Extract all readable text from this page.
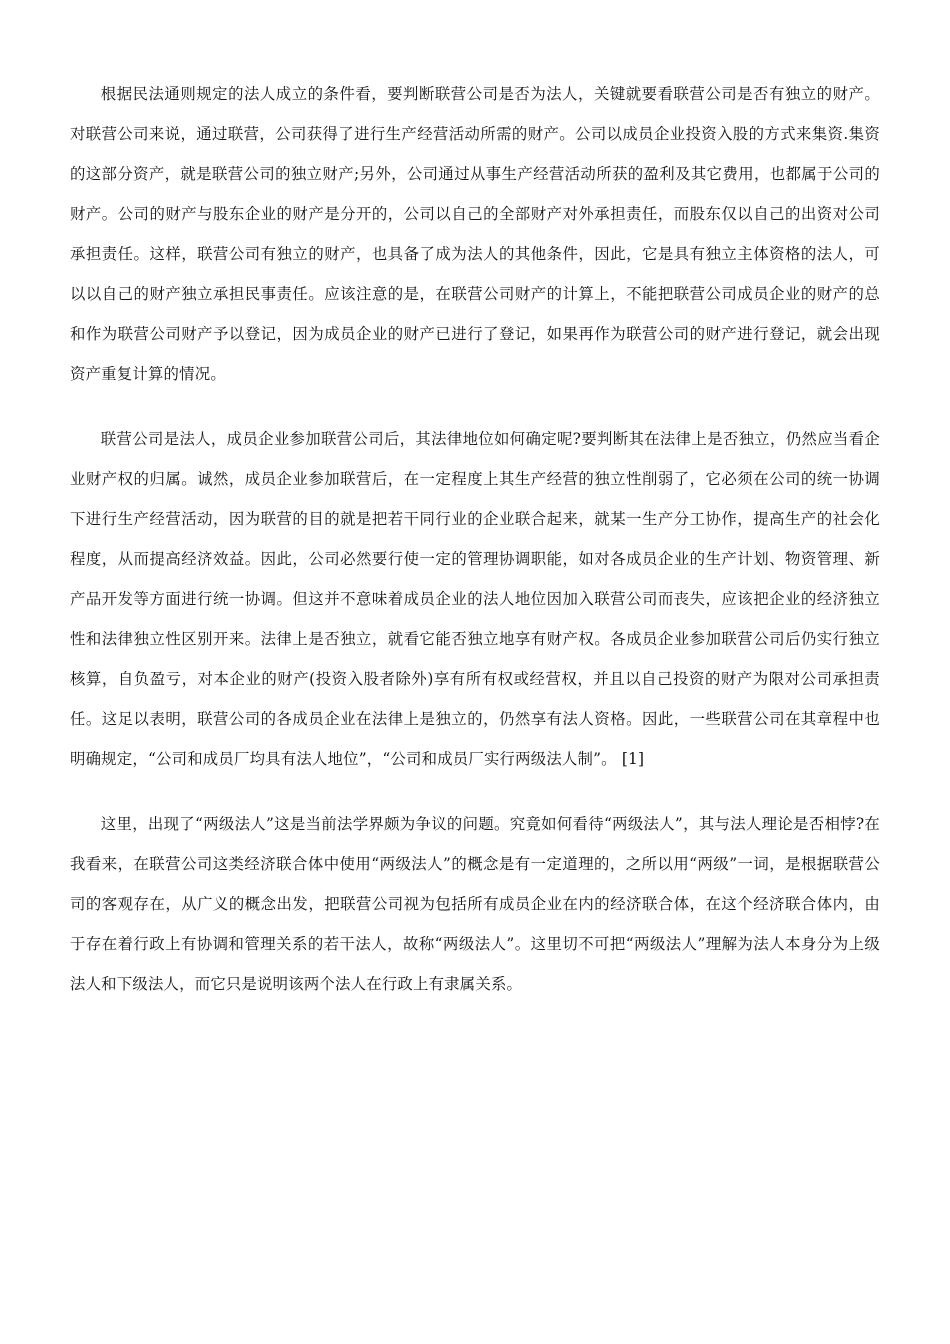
根据民法通则规定的法人成立的条件看，要判断联营公司是否为法人，关键就要看联营公司是否有独立的财产。对联营公司来说，通过联营，公司获得了进行生产经营活动所需的财产。公司以成员企业投资入股的方式来集资.集资的这部分资产，就是联营公司的独立财产;另外，公司通过从事生产经营活动所获的盈利及其它费用，也都属于公司的财产。公司的财产与股东企业的财产是分开的，公司以自己的全部财产对外承担责任，而股东仅以自己的出资对公司承担责任。这样，联营公司有独立的财产，也具备了成为法人的其他条件，因此，它是具有独立主体资格的法人，可以以自己的财产独立承担民事责任。应该注意的是，在联营公司财产的计算上，不能把联营公司成员企业的财产的总和作为联营公司财产予以登记，因为成员企业的财产已进行了登记，如果再作为联营公司的财产进行登记，就会出现资产重复计算的情况。

联营公司是法人，成员企业参加联营公司后，其法律地位如何确定呢?要判断其在法律上是否独立，仍然应当看企业财产权的归属。诚然，成员企业参加联营后，在一定程度上其生产经营的独立性削弱了，它必须在公司的统一协调下进行生产经营活动，因为联营的目的就是把若干同行业的企业联合起来，就某一生产分工协作，提高生产的社会化程度，从而提高经济效益。因此，公司必然要行使一定的管理协调职能，如对各成员企业的生产计划、物资管理、新产品开发等方面进行统一协调。但这并不意味着成员企业的法人地位因加入联营公司而丧失，应该把企业的经济独立性和法律独立性区别开来。法律上是否独立，就看它能否独立地享有财产权。各成员企业参加联营公司后仍实行独立核算，自负盈亏，对本企业的财产(投资入股者除外)享有所有权或经营权，并且以自己投资的财产为限对公司承担责任。这足以表明，联营公司的各成员企业在法律上是独立的，仍然享有法人资格。因此，一些联营公司在其章程中也明确规定，“公司和成员厂均具有法人地位”，“公司和成员厂实行两级法人制”。 [1]

这里，出现了“两级法人”这是当前法学界颇为争议的问题。究竟如何看待“两级法人”，其与法人理论是否相悖?在我看来，在联营公司这类经济联合体中使用“两级法人”的概念是有一定道理的，之所以用“两级”一词，是根据联营公司的客观存在，从广义的概念出发，把联营公司视为包括所有成员企业在内的经济联合体，在这个经济联合体内，由于存在着行政上有协调和管理关系的若干法人，故称“两级法人”。这里切不可把“两级法人”理解为法人本身分为上级法人和下级法人，而它只是说明该两个法人在行政上有隶属关系。
